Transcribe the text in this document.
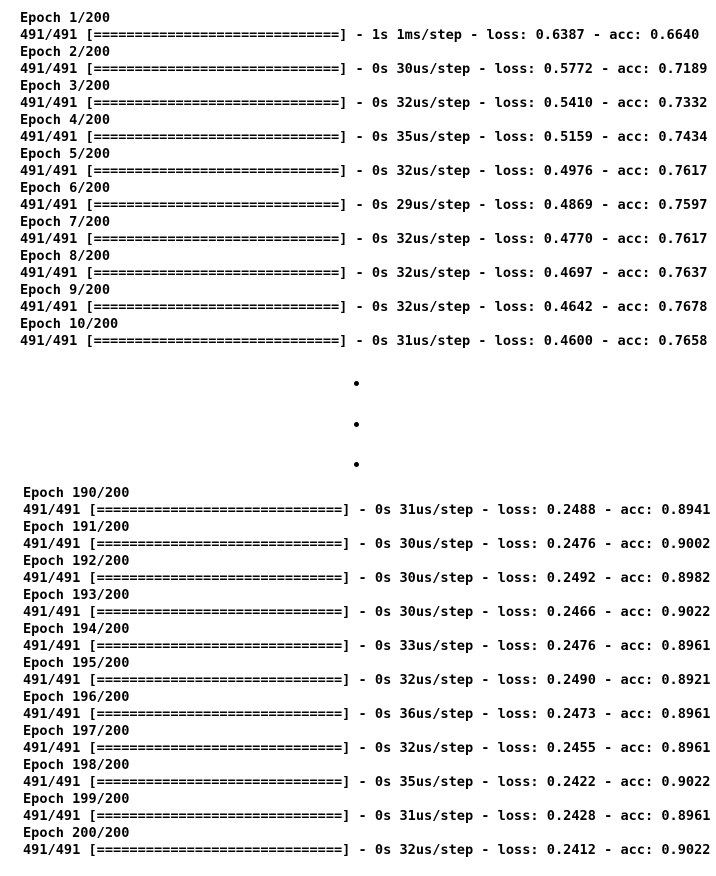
Epoch 1/200
491/491 [==============================] - 1s 1ms/step - loss: 0.6387 - acc: 0.6640
Epoch 2/200
491/491 [==============================] - 0s 30us/step - loss: 0.5772 - acc: 0.7189
Epoch 3/200
491/491 [==============================] - 0s 32us/step - loss: 0.5410 - acc: 0.7332
Epoch 4/200
491/491 [==============================] - 0s 35us/step - loss: 0.5159 - acc: 0.7434
Epoch 5/200
491/491 [==============================] - 0s 32us/step - loss: 0.4976 - acc: 0.7617
Epoch 6/200
491/491 [==============================] - 0s 29us/step - loss: 0.4869 - acc: 0.7597
Epoch 7/200
491/491 [==============================] - 0s 32us/step - loss: 0.4770 - acc: 0.7617
Epoch 8/200
491/491 [==============================] - 0s 32us/step - loss: 0.4697 - acc: 0.7637
Epoch 9/200
491/491 [==============================] - 0s 32us/step - loss: 0.4642 - acc: 0.7678
Epoch 10/200
491/491 [==============================] - 0s 31us/step - loss: 0.4600 - acc: 0.7658
Epoch 190/200
491/491 [==============================] - 0s 31us/step - loss: 0.2488 - acc: 0.8941
Epoch 191/200
491/491 [==============================] - 0s 30us/step - loss: 0.2476 - acc: 0.9002
Epoch 192/200
491/491 [==============================] - 0s 30us/step - loss: 0.2492 - acc: 0.8982
Epoch 193/200
491/491 [==============================] - 0s 30us/step - loss: 0.2466 - acc: 0.9022
Epoch 194/200
491/491 [==============================] - 0s 33us/step - loss: 0.2476 - acc: 0.8961
Epoch 195/200
491/491 [==============================] - 0s 32us/step - loss: 0.2490 - acc: 0.8921
Epoch 196/200
491/491 [==============================] - 0s 36us/step - loss: 0.2473 - acc: 0.8961
Epoch 197/200
491/491 [==============================] - 0s 32us/step - loss: 0.2455 - acc: 0.8961
Epoch 198/200
491/491 [==============================] - 0s 35us/step - loss: 0.2422 - acc: 0.9022
Epoch 199/200
491/491 [==============================] - 0s 31us/step - loss: 0.2428 - acc: 0.8961
Epoch 200/200
491/491 [==============================] - 0s 32us/step - loss: 0.2412 - acc: 0.9022
